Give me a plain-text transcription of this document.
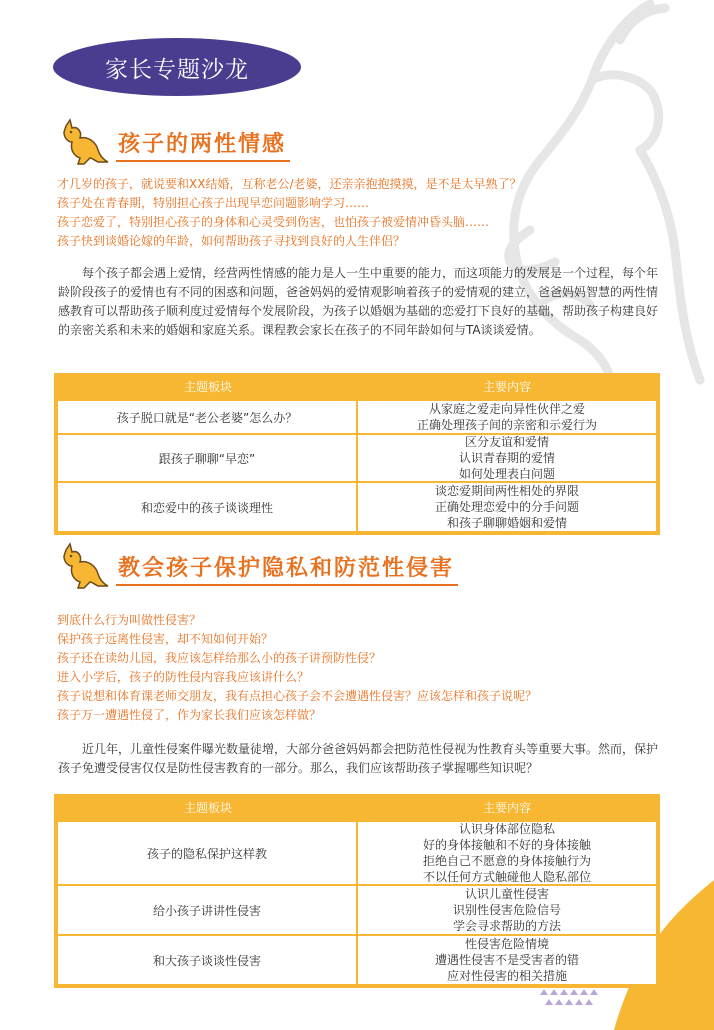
家长专题沙龙
孩子的两性情感
才几岁的孩子，就说要和XX结婚，互称老公/老婆，还亲亲抱抱摸摸，是不是太早熟了？
孩子处在青春期，特别担心孩子出现早恋问题影响学习……
孩子恋爱了，特别担心孩子的身体和心灵受到伤害，也怕孩子被爱情冲昏头脑……
孩子快到谈婚论嫁的年龄，如何帮助孩子寻找到良好的人生伴侣？

每个孩子都会遇上爱情，经营两性情感的能力是人一生中重要的能力，而这项能力的发展是一个过程，每个年龄阶段孩子的爱情也有不同的困惑和问题，爸爸妈妈的爱情观影响着孩子的爱情观的建立，爸爸妈妈智慧的两性情感教育可以帮助孩子顺利度过爱情每个发展阶段，为孩子以婚姻为基础的恋爱打下良好的基础，帮助孩子构建良好的亲密关系和未来的婚姻和家庭关系。课程教会家长在孩子的不同年龄如何与TA谈谈爱情。

主题板块	主要内容
孩子脱口就是“老公老婆”怎么办？
从家庭之爱走向异性伙伴之爱
正确处理孩子间的亲密和示爱行为
跟孩子聊聊“早恋”
区分友谊和爱情
认识青春期的爱情
如何处理表白问题
和恋爱中的孩子谈谈理性
谈恋爱期间两性相处的界限
正确处理恋爱中的分手问题
和孩子聊聊婚姻和爱情
教会孩子保护隐私和防范性侵害
到底什么行为叫做性侵害？
保护孩子远离性侵害，却不知如何开始？
孩子还在读幼儿园，我应该怎样给那么小的孩子讲预防性侵？
进入小学后，孩子的防性侵内容我应该讲什么？
孩子说想和体育课老师交朋友，我有点担心孩子会不会遭遇性侵害？应该怎样和孩子说呢？
孩子万一遭遇性侵了，作为家长我们应该怎样做？

近几年，儿童性侵案件曝光数量徒增，大部分爸爸妈妈都会把防范性侵视为性教育头等重要大事。然而，保护孩子免遭受侵害仅仅是防性侵害教育的一部分。那么，我们应该帮助孩子掌握哪些知识呢？

主题板块	主要内容
孩子的隐私保护这样教
认识身体部位隐私
好的身体接触和不好的身体接触
拒绝自己不愿意的身体接触行为
不以任何方式触碰他人隐私部位
给小孩子讲讲性侵害
认识儿童性侵害
识别性侵害危险信号
学会寻求帮助的方法
和大孩子谈谈性侵害
性侵害危险情境
遭遇性侵害不是受害者的错
应对性侵害的相关措施
